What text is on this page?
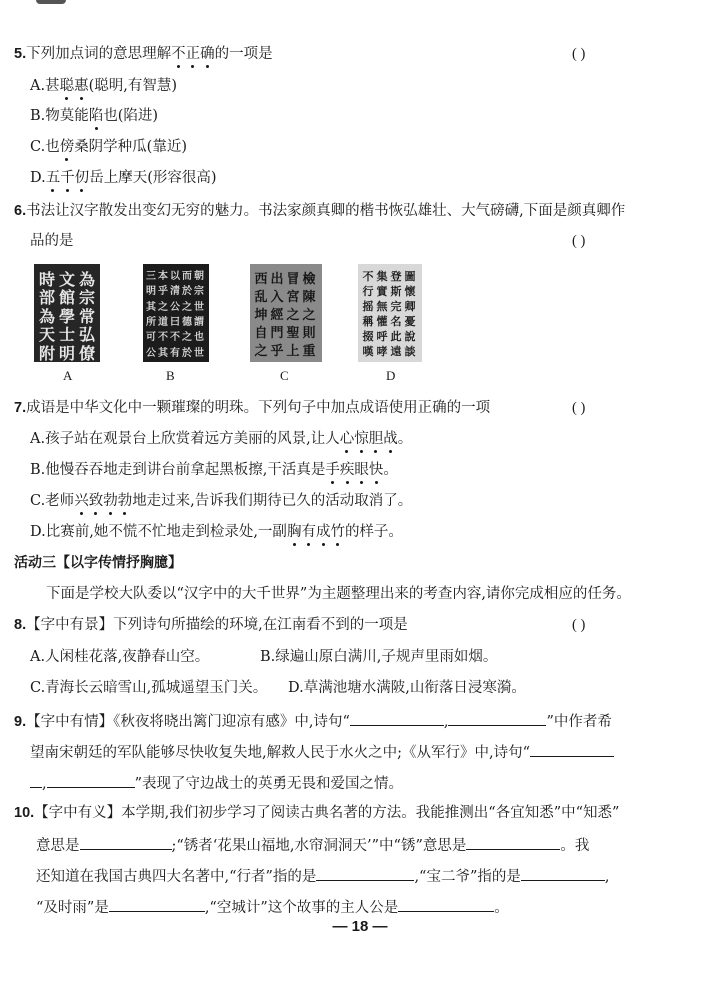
5.下列加点词的意思理解不正确的一项是	( )
A.甚聪惠(聪明,有智慧)
B.物莫能陷也(陷进)
C.也傍桑阴学种瓜(靠近)
D.五千仞岳上摩天(形容很高)
6.书法让汉字散发出变幻无穷的魅力。书法家颜真卿的楷书恢弘雄壮、大气磅礴,下面是颜真卿作
品的是	( )
時 文 為
部 館 宗
為 學 常
天 士 弘
附 明 僚
A
三 本 以 而 朝
明 乎 清 於 宗
其 之 公 之 世
所 道 曰 德 謂
可 不 不 之 也
公 其 有 於 世
B
西 出 冒 檢
乱 入 宮 陳
坤 經 之 之
自 門 聖 則
之 乎 上 重
C
不 集 登 圖
行 實 斯 懷
摇 無 完 卿
稱 懽 名 憂
掇 呼 此 說
嘆 哮 遠 談
D
7.成语是中华文化中一颗璀璨的明珠。下列句子中加点成语使用正确的一项	( )
A.孩子站在观景台上欣赏着远方美丽的风景,让人心惊胆战。
B.他慢吞吞地走到讲台前拿起黑板擦,干活真是手疾眼快。
C.老师兴致勃勃地走过来,告诉我们期待已久的活动取消了。
D.比赛前,她不慌不忙地走到检录处,一副胸有成竹的样子。
活动三【以字传情抒胸臆】
下面是学校大队委以“汉字中的大千世界”为主题整理出来的考查内容,请你完成相应的任务。
8.【字中有景】下列诗句所描绘的环境,在江南看不到的一项是	( )
A.人闲桂花落,夜静春山空。	B.绿遍山原白满川,子规声里雨如烟。
C.青海长云暗雪山,孤城遥望玉门关。 D.草满池塘水满陂,山衔落日浸寒漪。
9.【字中有情】《秋夜将晓出篱门迎凉有感》中,诗句“	,	”中作者希
望南宋朝廷的军队能够尽快收复失地,解救人民于水火之中;《从军行》中,诗句“
,	”表现了守边战士的英勇无畏和爱国之情。
10.【字中有义】本学期,我们初步学习了阅读古典名著的方法。我能推测出“各宜知悉”中“知悉”
意思是	;“锈者‘花果山福地,水帘洞洞天’”中“锈”意思是	。我
还知道在我国古典四大名著中,“行者”指的是	,“宝二爷”指的是	,
“及时雨”是	,“空城计”这个故事的主人公是	。
— 18 —
